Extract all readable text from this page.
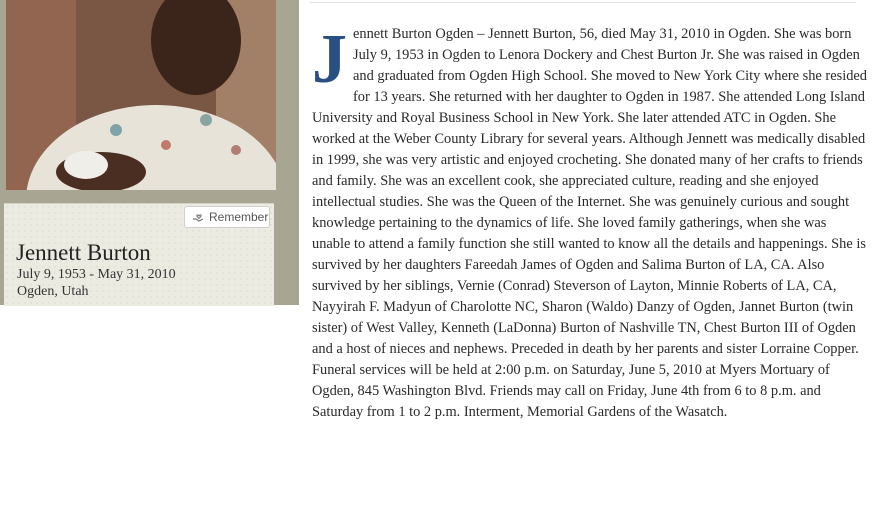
Remember
Jennett Burton
July 9, 1953 - May 31, 2010
Ogden, Utah
J ennett Burton Ogden – Jennett Burton, 56, died May 31, 2010 in Ogden. She was born July 9, 1953 in Ogden to Lenora Dockery and Chest Burton Jr. She was raised in Ogden and graduated from Ogden High School. She moved to New York City where she resided for 13 years. She returned with her daughter to Ogden in 1987. She attended Long Island University and Royal Business School in New York. She later attended ATC in Ogden. She worked at the Weber County Library for several years. Although Jennett was medically disabled in 1999, she was very artistic and enjoyed crocheting. She donated many of her crafts to friends and family. She was an excellent cook, she appreciated culture, reading and she enjoyed intellectual studies. She was the Queen of the Internet. She was genuinely curious and sought knowledge pertaining to the dynamics of life. She loved family gatherings, when she was unable to attend a family function she still wanted to know all the details and happenings. She is survived by her daughters Fareedah James of Ogden and Salima Burton of LA, CA. Also survived by her siblings, Vernie (Conrad) Steverson of Layton, Minnie Roberts of LA, CA, Nayyirah F. Madyun of Charolotte NC, Sharon (Waldo) Danzy of Ogden, Jannet Burton (twin sister) of West Valley, Kenneth (LaDonna) Burton of Nashville TN, Chest Burton III of Ogden and a host of nieces and nephews. Preceded in death by her parents and sister Lorraine Copper. Funeral services will be held at 2:00 p.m. on Saturday, June 5, 2010 at Myers Mortuary of Ogden, 845 Washington Blvd. Friends may call on Friday, June 4th from 6 to 8 p.m. and Saturday from 1 to 2 p.m. Interment, Memorial Gardens of the Wasatch.
